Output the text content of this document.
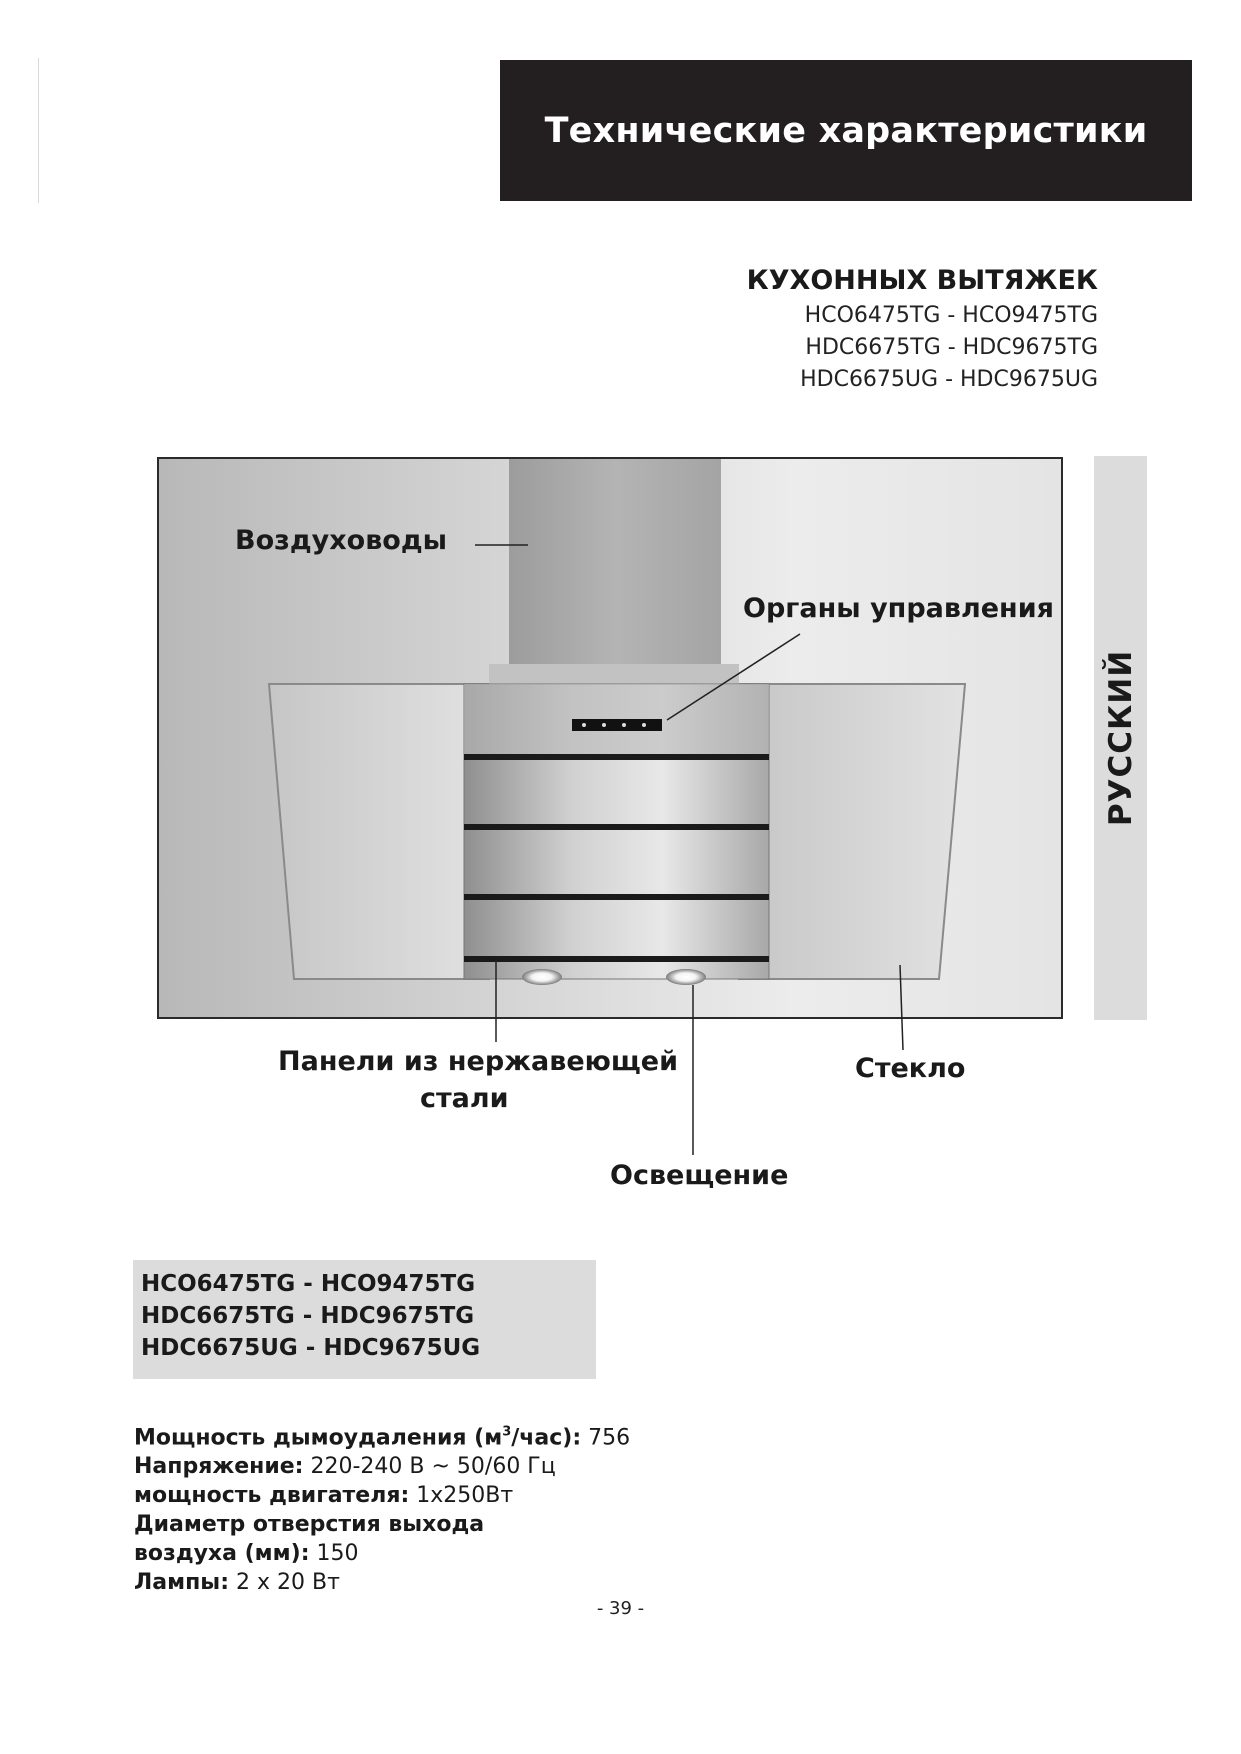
Технические характеристики
КУХОННЫХ ВЫТЯЖЕК
HCO6475TG - HCO9475TG
HDC6675TG - HDC9675TG
HDC6675UG - HDC9675UG
РУССКИЙ
Воздуховоды
Органы управления
Панели из нержавеющей
стали
Стекло
Освещение
HCO6475TG - HCO9475TG
HDC6675TG - HDC9675TG
HDC6675UG - HDC9675UG
Мощность дымоудаления $(м^3/час)$: 756
Напряжение: 220-240 В ~ 50/60 Гц
мощность двигателя: 1x250Вт
Диаметр отверстия выхода
воздуха (мм): 150
Лампы: 2 x 20 Вт
- 39 -
